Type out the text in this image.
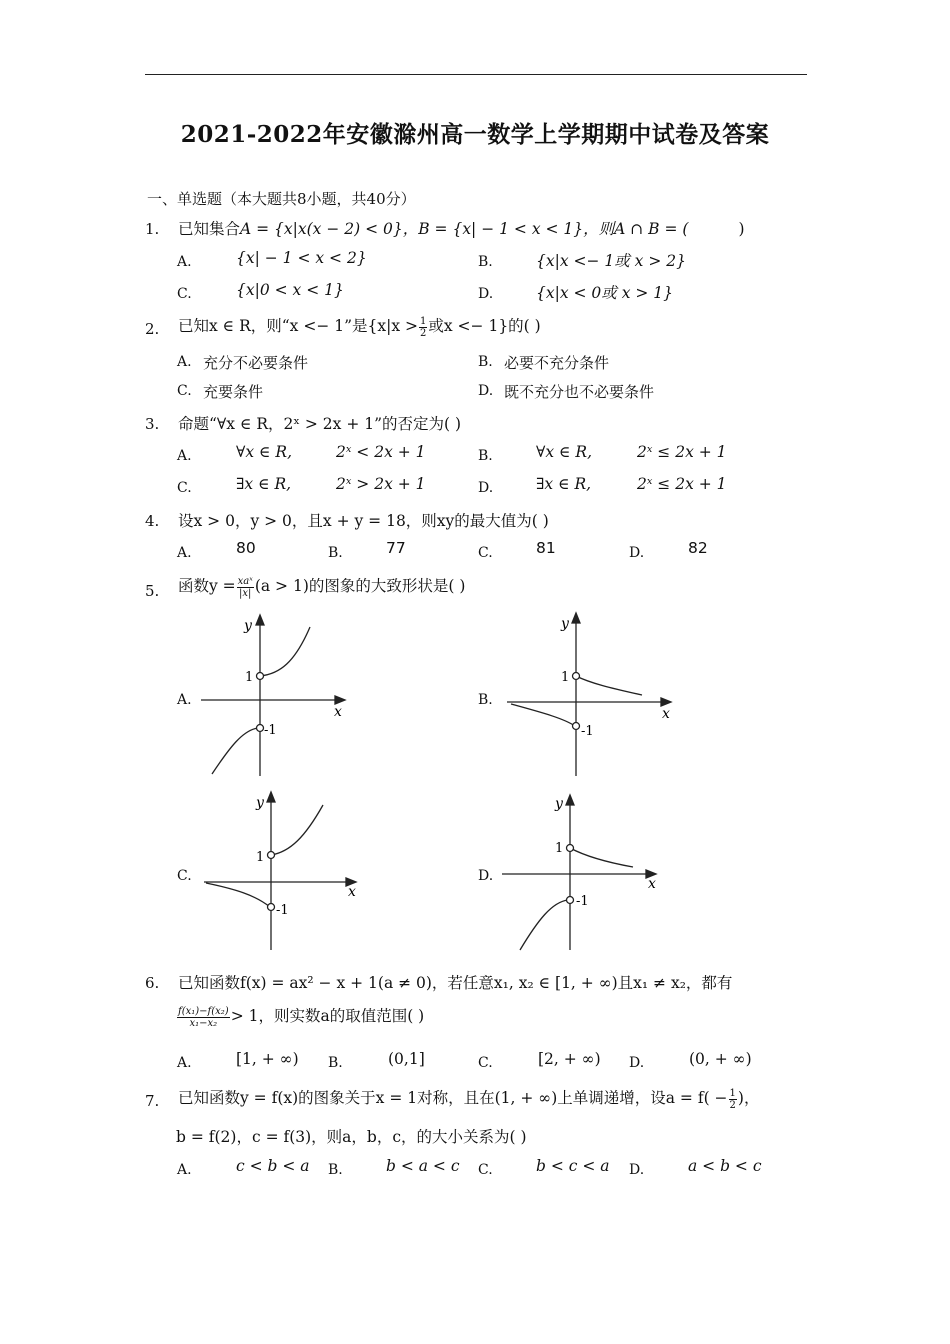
2021-2022年安徽滁州高一数学上学期期中试卷及答案
一、单选题（本大题共8小题，共40分）
1. 已知集合A = {x|x(x − 2) < 0}，B = {x| − 1 < x < 1}，则A ∩ B = (	)
A.	{x| − 1 < x < 2}	B.	{x|x <− 1或 x > 2}
C.	{x|0 < x < 1}	D.	{x|x < 0或 x > 1}
2. 已知x ∈ R，则“x <− 1”是{$x|x > \frac{1}{2}$ 或x <− 1}的( )
A. 充分不必要条件	B. 必要不充分条件
C. 充要条件	D. 既不充分也不必要条件
3. 命题“∀x ∈ R，2ˣ > 2x + 1”的否定为( )
A.	∀x ∈ R,	2ˣ < 2x + 1	B.	∀x ∈ R,	2ˣ ≤ 2x + 1
C.	∃x ∈ R,	2ˣ > 2x + 1	D.	∃x ∈ R,	2ˣ ≤ 2x + 1
4. 设x > 0，y > 0，且x + y = 18，则xy的最大值为( )
A.	80	B.	77	C.	81	D.	82
5. 函数$y = \frac{\text{xaˣ}}{|x|} (a > 1)$的图象的大致形状是( )
A.
y
x
1
-1
B.
y
x
1
-1
C.
y
x
1
-1
D.
y
x
1
-1
6. 已知函数f(x) = ax² − x + 1(a ≠ 0)，若任意x₁, x₂ ∈ [1, + ∞)且x₁ ≠ x₂，都有
$\frac{\text{f(x₁)−f(x₂)}}{\text{x₁−x₂}} > 1$，则实数a的取值范围( )
A.	[1, + ∞) B.	(0,1]	C.	[2, + ∞) D.	(0, + ∞)
7. 已知函数y = f(x)的图象关于x = 1对称，且在(1, + ∞)上单调递增，设$a = f( - \frac{1}{2}$ )，
b = f(2)，c = f(3)，则a，b，c，的大小关系为( )
A.	c < b < a B.	b < a < c C.	b < c < a D.	a < b < c
